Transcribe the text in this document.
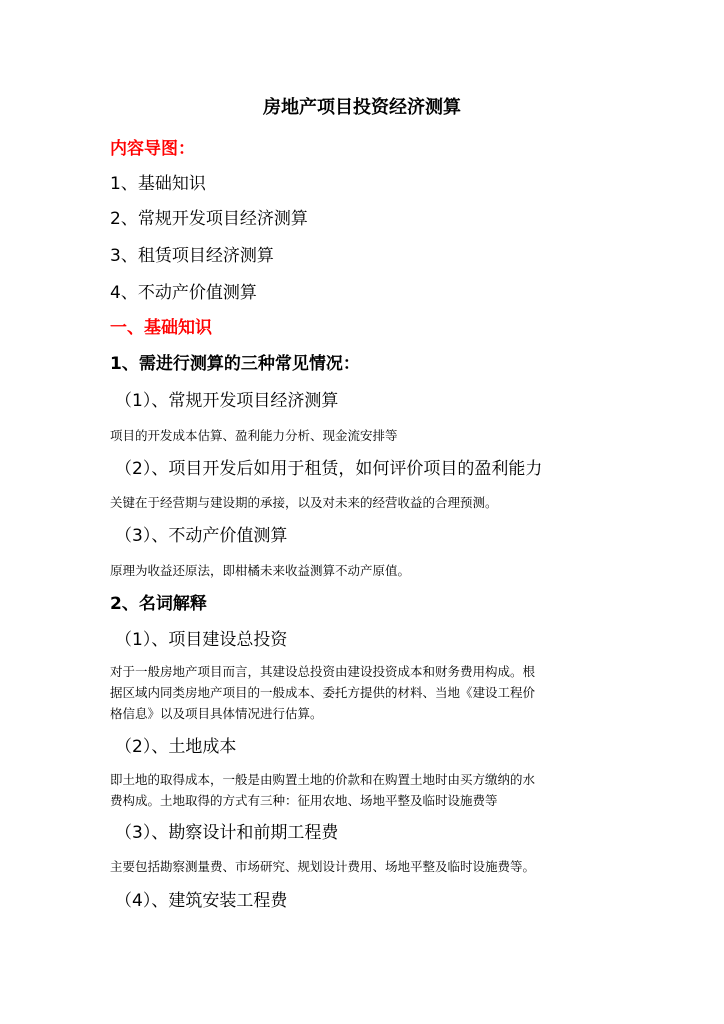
房地产项目投资经济测算
内容导图：
1、基础知识
2、常规开发项目经济测算
3、租赁项目经济测算
4、不动产价值测算
一、基础知识
1、需进行测算的三种常见情况：
（1）、常规开发项目经济测算
项目的开发成本估算、盈利能力分析、现金流安排等
（2）、项目开发后如用于租赁，如何评价项目的盈利能力
关键在于经营期与建设期的承接，以及对未来的经营收益的合理预测。
（3）、不动产价值测算
原理为收益还原法，即柑橘未来收益测算不动产原值。
2、名词解释
（1）、项目建设总投资
对于一般房地产项目而言，其建设总投资由建设投资成本和财务费用构成。根
据区域内同类房地产项目的一般成本、委托方提供的材料、当地《建设工程价
格信息》以及项目具体情况进行估算。
（2）、土地成本
即土地的取得成本，一般是由购置土地的价款和在购置土地时由买方缴纳的水
费构成。土地取得的方式有三种：征用农地、场地平整及临时设施费等
（3）、勘察设计和前期工程费
主要包括勘察测量费、市场研究、规划设计费用、场地平整及临时设施费等。
（4）、建筑安装工程费
